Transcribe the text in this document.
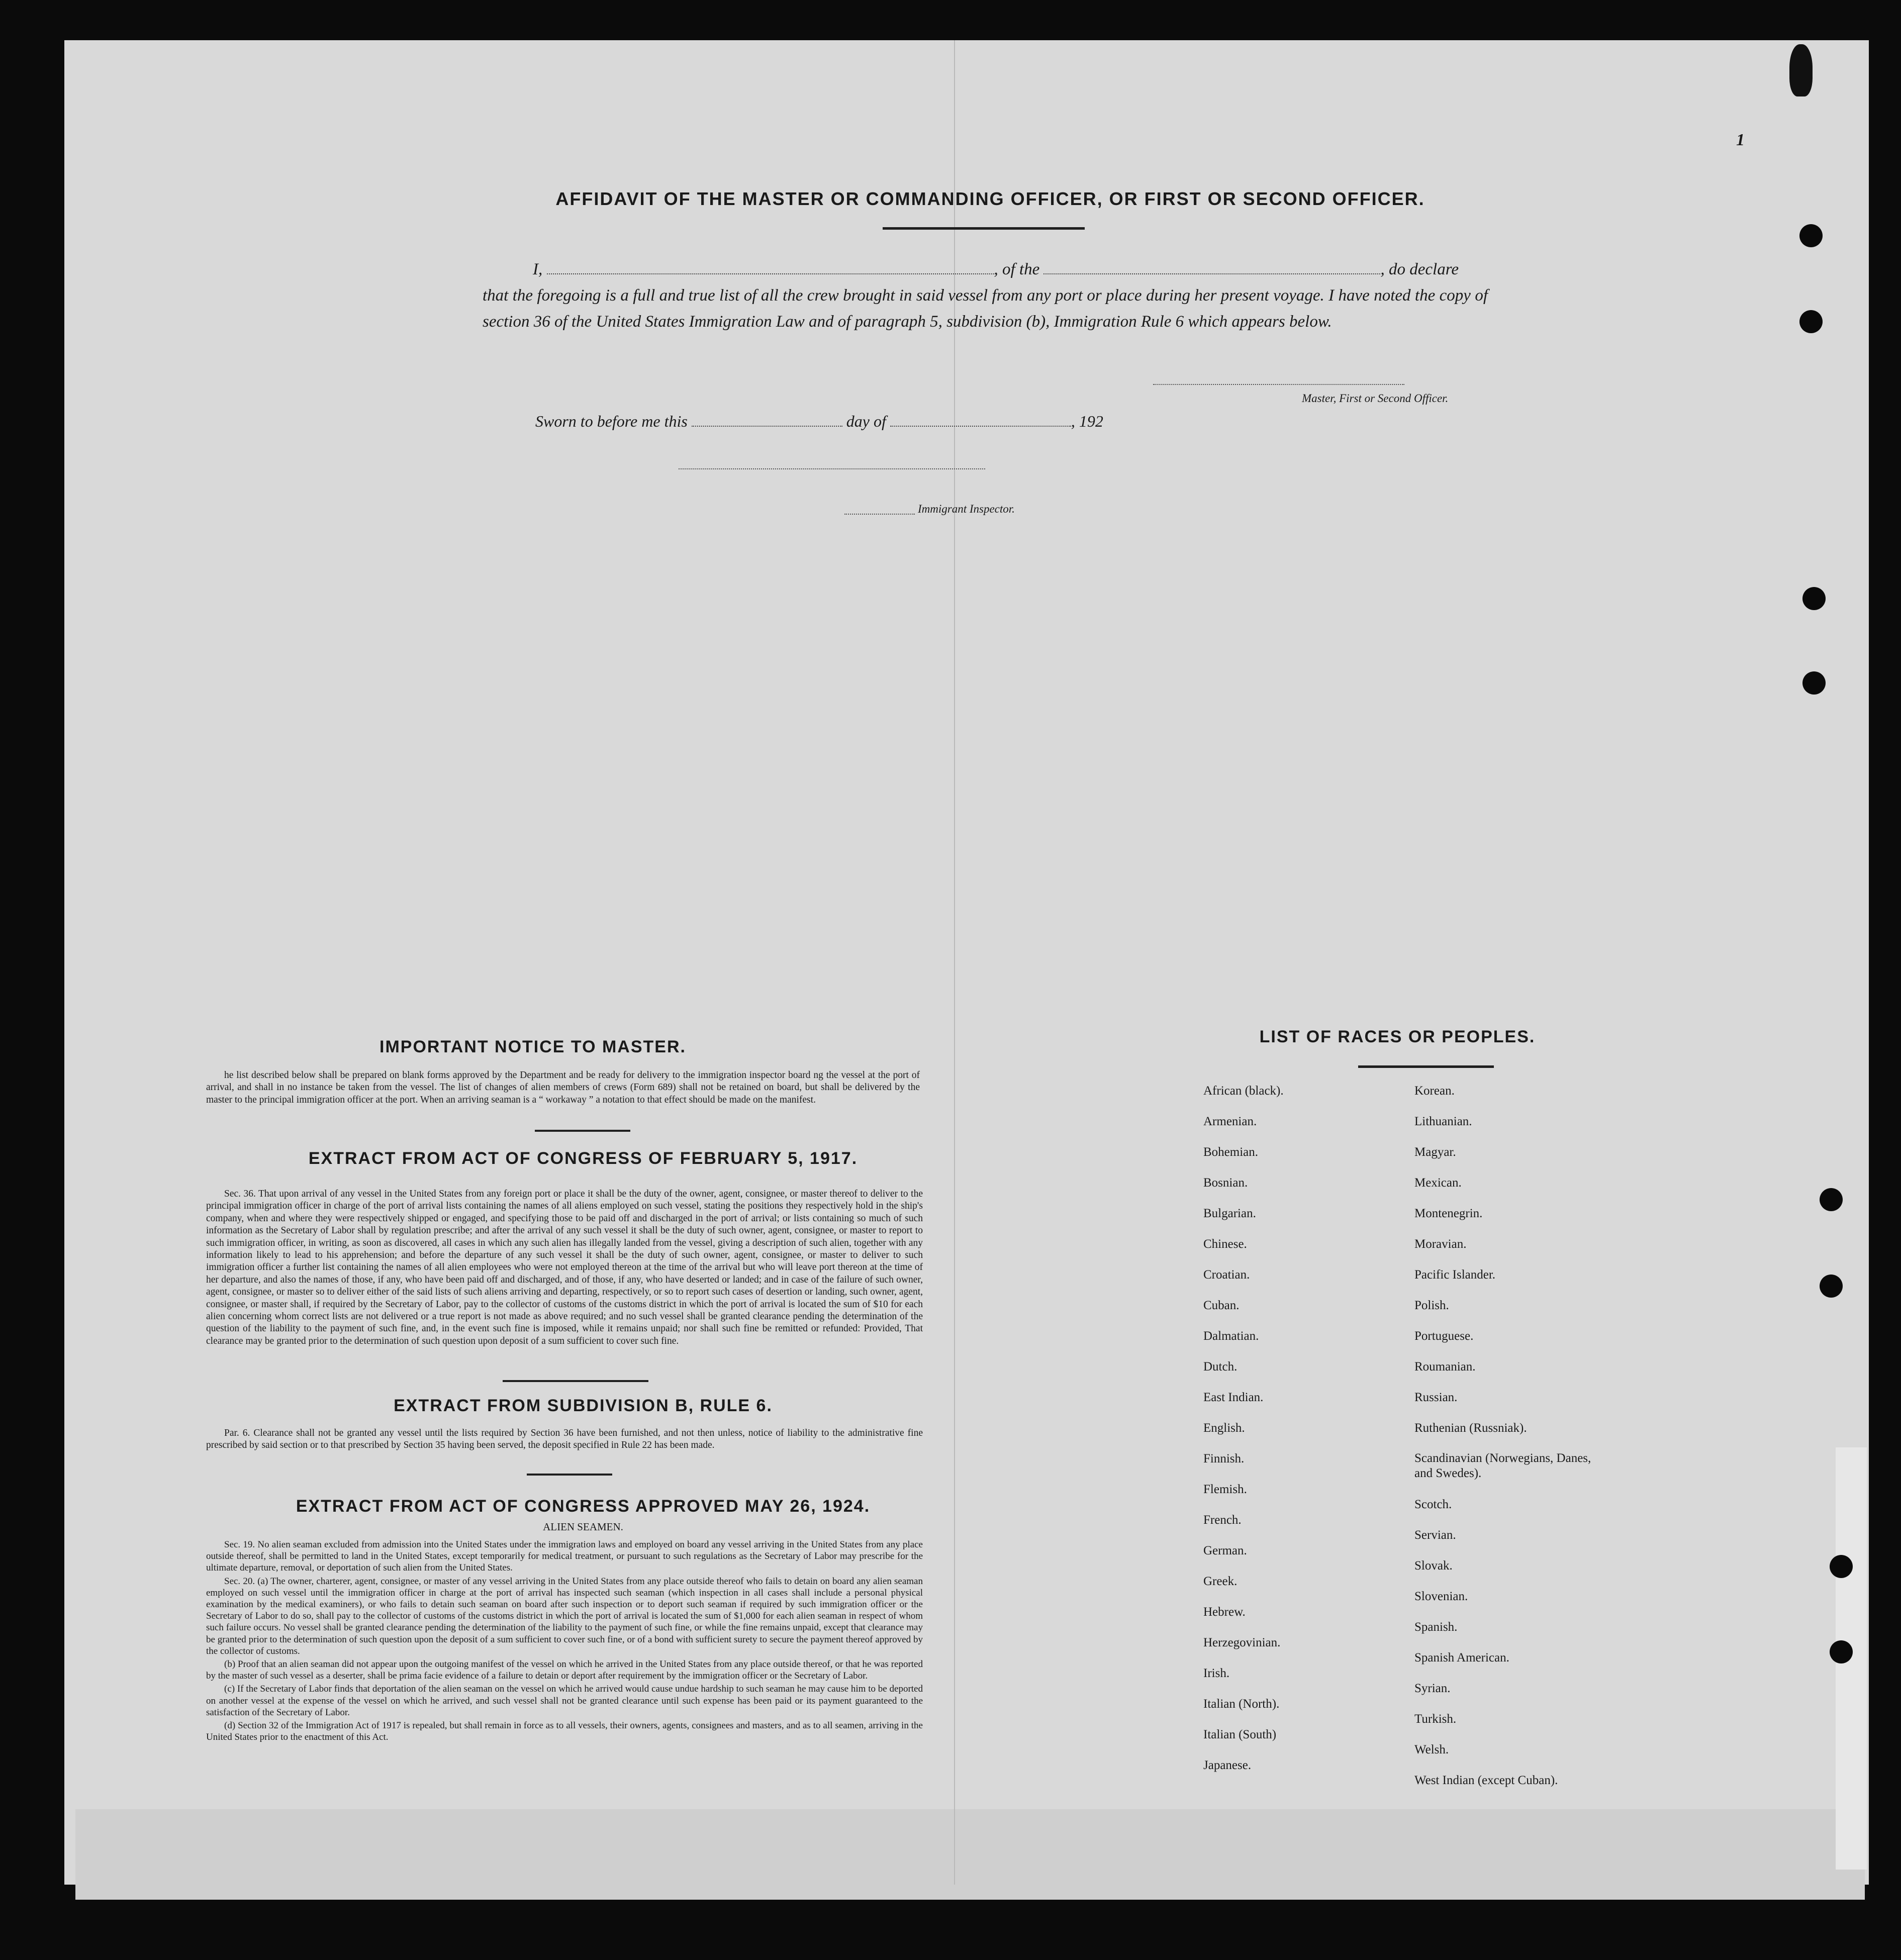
1
AFFIDAVIT OF THE MASTER OR COMMANDING OFFICER, OR FIRST OR SECOND OFFICER.
I,	, of the	, do declare
that the foregoing is a full and true list of all the crew brought in said vessel from any port or place during her present voyage. I have noted the copy of section 36 of the United States Immigration Law and of paragraph 5, subdivision (b), Immigration Rule 6 which appears below.
Master, First or Second Officer.
Sworn to before me this	day of	, 192
Immigrant Inspector.
IMPORTANT NOTICE TO MASTER.

he list described below shall be prepared on blank forms approved by the Department and be ready for delivery to the immigration inspector board ng the vessel at the port of arrival, and shall in no instance be taken from the vessel. The list of changes of alien members of crews (Form 689) shall not be retained on board, but shall be delivered by the master to the principal immigration officer at the port. When an arriving seaman is a “ workaway ” a notation to that effect should be made on the manifest.

EXTRACT FROM ACT OF CONGRESS OF FEBRUARY 5, 1917.

Sec. 36. That upon arrival of any vessel in the United States from any foreign port or place it shall be the duty of the owner, agent, consignee, or master thereof to deliver to the principal immigration officer in charge of the port of arrival lists containing the names of all aliens employed on such vessel, stating the positions they respectively hold in the ship's company, when and where they were respectively shipped or engaged, and specifying those to be paid off and discharged in the port of arrival; or lists containing so much of such information as the Secretary of Labor shall by regulation prescribe; and after the arrival of any such vessel it shall be the duty of such owner, agent, consignee, or master to report to such immigration officer, in writing, as soon as discovered, all cases in which any such alien has illegally landed from the vessel, giving a description of such alien, together with any information likely to lead to his apprehension; and before the departure of any such vessel it shall be the duty of such owner, agent, consignee, or master to deliver to such immigration officer a further list containing the names of all alien employees who were not employed thereon at the time of the arrival but who will leave port thereon at the time of her departure, and also the names of those, if any, who have been paid off and discharged, and of those, if any, who have deserted or landed; and in case of the failure of such owner, agent, consignee, or master so to deliver either of the said lists of such aliens arriving and departing, respectively, or so to report such cases of desertion or landing, such owner, agent, consignee, or master shall, if required by the Secretary of Labor, pay to the collector of customs of the customs district in which the port of arrival is located the sum of $10 for each alien concerning whom correct lists are not delivered or a true report is not made as above required; and no such vessel shall be granted clearance pending the determination of the question of the liability to the payment of such fine, and, in the event such fine is imposed, while it remains unpaid; nor shall such fine be remitted or refunded: Provided, That clearance may be granted prior to the determination of such question upon deposit of a sum sufficient to cover such fine.

EXTRACT FROM SUBDIVISION B, RULE 6.

Par. 6. Clearance shall not be granted any vessel until the lists required by Section 36 have been furnished, and not then unless, notice of liability to the administrative fine prescribed by said section or to that prescribed by Section 35 having been served, the deposit specified in Rule 22 has been made.

EXTRACT FROM ACT OF CONGRESS APPROVED MAY 26, 1924.
ALIEN SEAMEN.

Sec. 19. No alien seaman excluded from admission into the United States under the immigration laws and employed on board any vessel arriving in the United States from any place outside thereof, shall be permitted to land in the United States, except temporarily for medical treatment, or pursuant to such regulations as the Secretary of Labor may prescribe for the ultimate departure, removal, or deportation of such alien from the United States.

Sec. 20. (a) The owner, charterer, agent, consignee, or master of any vessel arriving in the United States from any place outside thereof who fails to detain on board any alien seaman employed on such vessel until the immigration officer in charge at the port of arrival has inspected such seaman (which inspection in all cases shall include a personal physical examination by the medical examiners), or who fails to detain such seaman on board after such inspection or to deport such seaman if required by such immigration officer or the Secretary of Labor to do so, shall pay to the collector of customs of the customs district in which the port of arrival is located the sum of $1,000 for each alien seaman in respect of whom such failure occurs. No vessel shall be granted clearance pending the determination of the liability to the payment of such fine, or while the fine remains unpaid, except that clearance may be granted prior to the determination of such question upon the deposit of a sum sufficient to cover such fine, or of a bond with sufficient surety to secure the payment thereof approved by the collector of customs.

(b) Proof that an alien seaman did not appear upon the outgoing manifest of the vessel on which he arrived in the United States from any place outside thereof, or that he was reported by the master of such vessel as a deserter, shall be prima facie evidence of a failure to detain or deport after requirement by the immigration officer or the Secretary of Labor.

(c) If the Secretary of Labor finds that deportation of the alien seaman on the vessel on which he arrived would cause undue hardship to such seaman he may cause him to be deported on another vessel at the expense of the vessel on which he arrived, and such vessel shall not be granted clearance until such expense has been paid or its payment guaranteed to the satisfaction of the Secretary of Labor.

(d) Section 32 of the Immigration Act of 1917 is repealed, but shall remain in force as to all vessels, their owners, agents, consignees and masters, and as to all seamen, arriving in the United States prior to the enactment of this Act.

LIST OF RACES OR PEOPLES.
African (black).
Armenian.
Bohemian.
Bosnian.
Bulgarian.
Chinese.
Croatian.
Cuban.
Dalmatian.
Dutch.
East Indian.
English.
Finnish.
Flemish.
French.
German.
Greek.
Hebrew.
Herzegovinian.
Irish.
Italian (North).
Italian (South)
Japanese.
Korean.
Lithuanian.
Magyar.
Mexican.
Montenegrin.
Moravian.
Pacific Islander.
Polish.
Portuguese.
Roumanian.
Russian.
Ruthenian (Russniak).
Scandinavian (Norwegians, Danes, and Swedes).
Scotch.
Servian.
Slovak.
Slovenian.
Spanish.
Spanish American.
Syrian.
Turkish.
Welsh.
West Indian (except Cuban).
